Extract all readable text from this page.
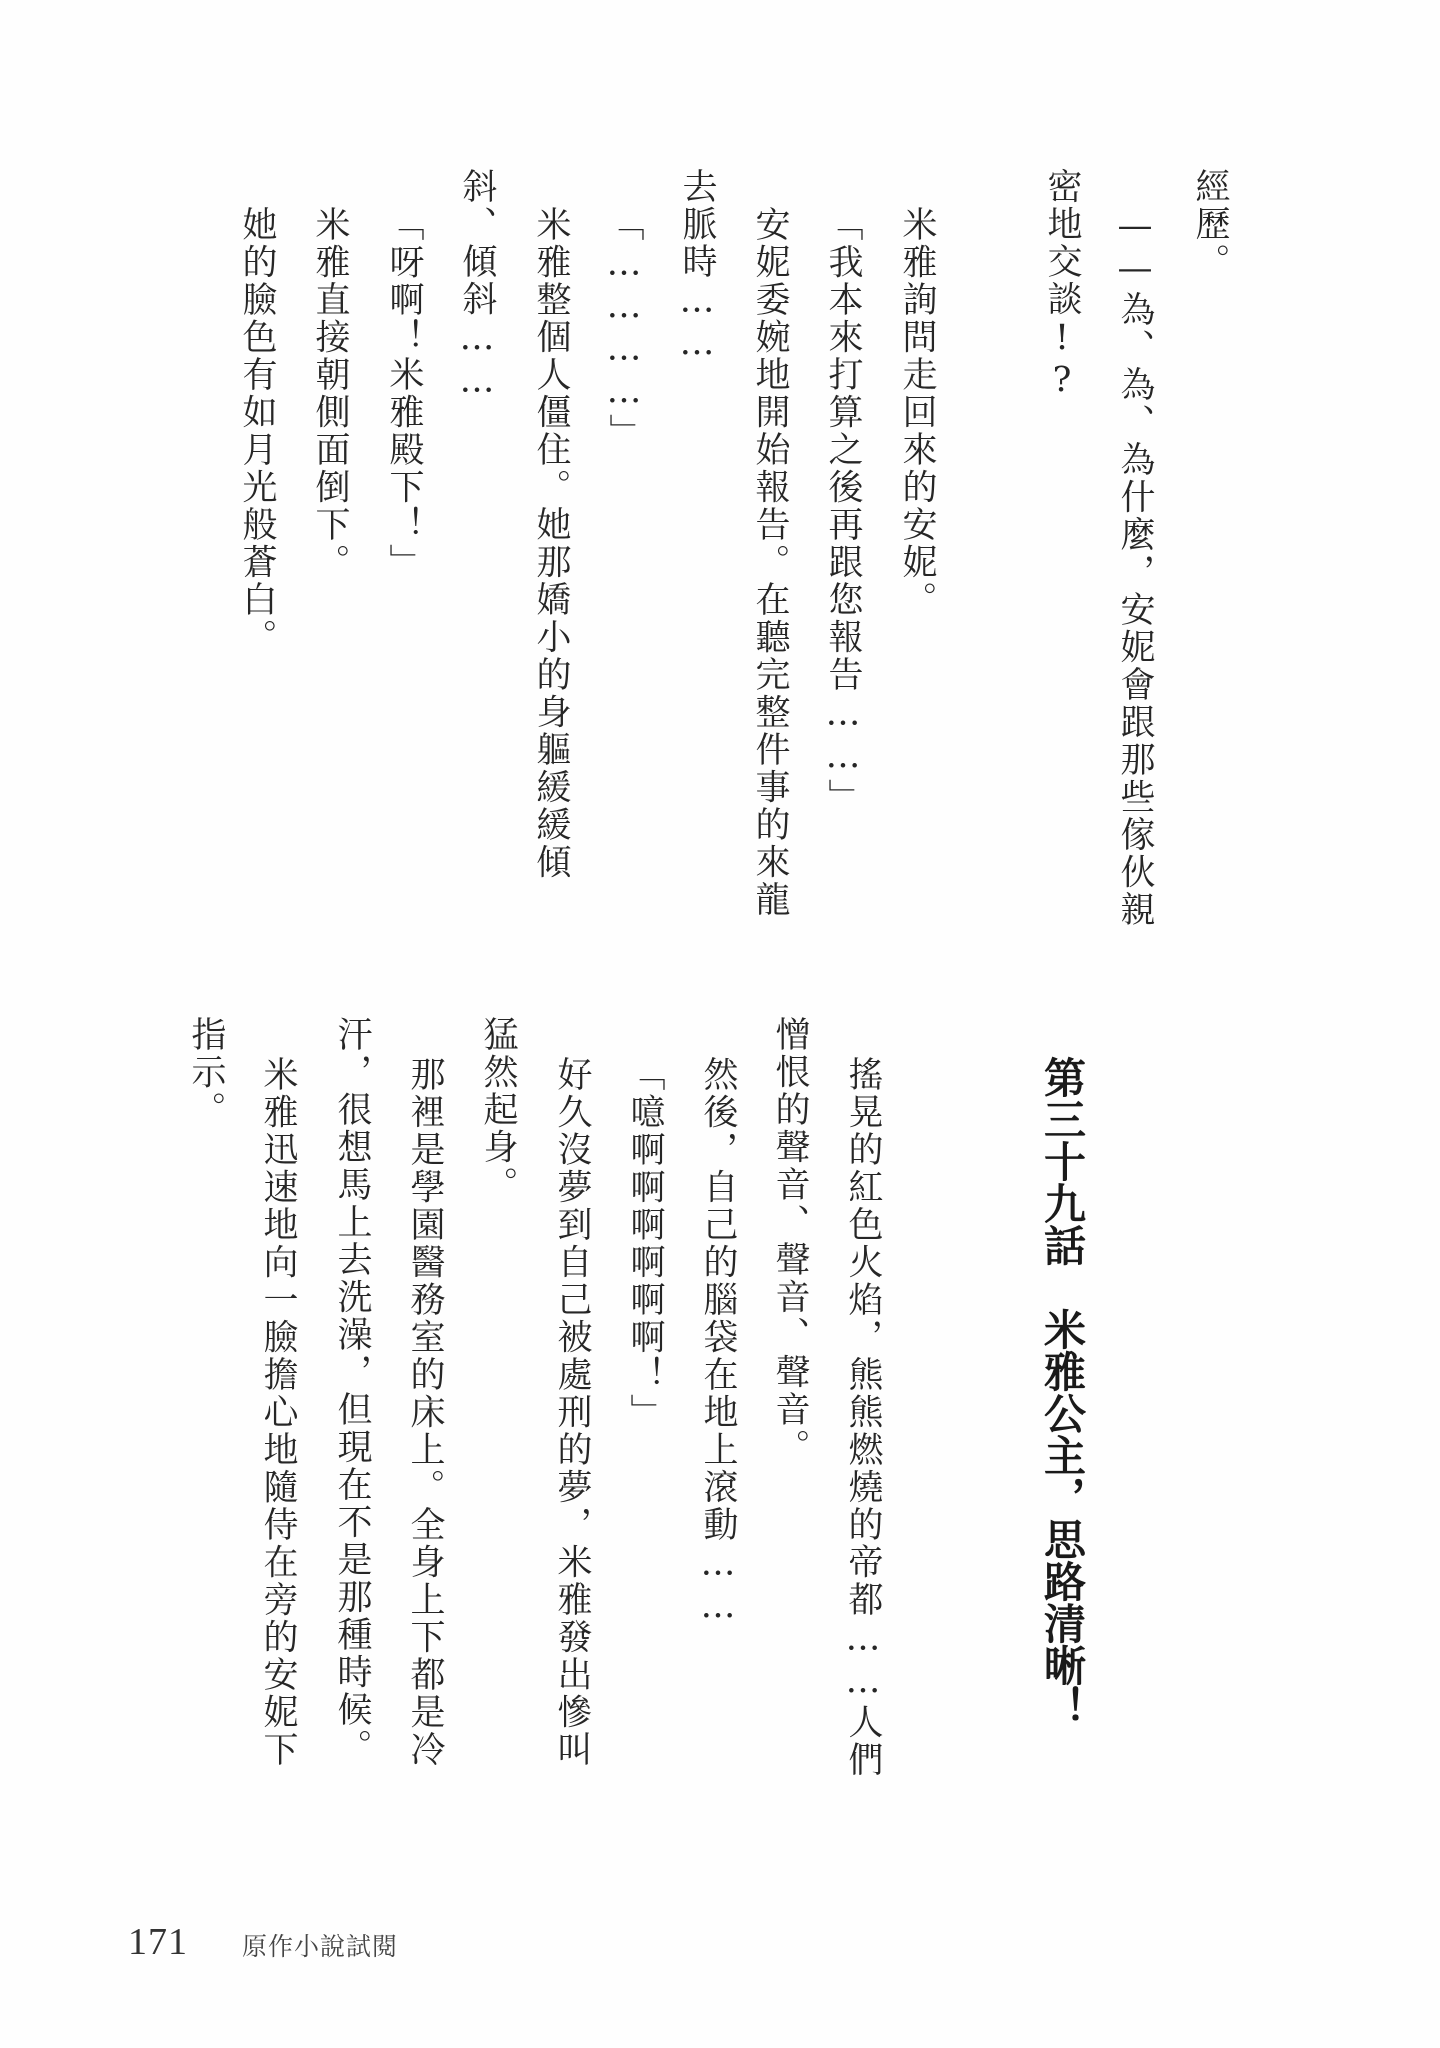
經歷。
——為、為、為什麼，安妮會跟那些傢伙親
密地交談!?
米雅詢問走回來的安妮。
「我本來打算之後再跟您報告……」
安妮委婉地開始報告。在聽完整件事的來龍
去脈時……
「…………」
米雅整個人僵住。她那嬌小的身軀緩緩傾
斜、傾斜……
「呀啊！米雅殿下！」
米雅直接朝側面倒下。
她的臉色有如月光般蒼白。
第三十九話　米雅公主，思路清晰！
搖晃的紅色火焰，熊熊燃燒的帝都……人們
憎恨的聲音、聲音、聲音。
然後，自己的腦袋在地上滾動……
「噫啊啊啊啊啊啊！」
好久沒夢到自己被處刑的夢，米雅發出慘叫
猛然起身。
那裡是學園醫務室的床上。全身上下都是冷
汗，很想馬上去洗澡，但現在不是那種時候。
米雅迅速地向一臉擔心地隨侍在旁的安妮下
指示。
171 原作小說試閱
